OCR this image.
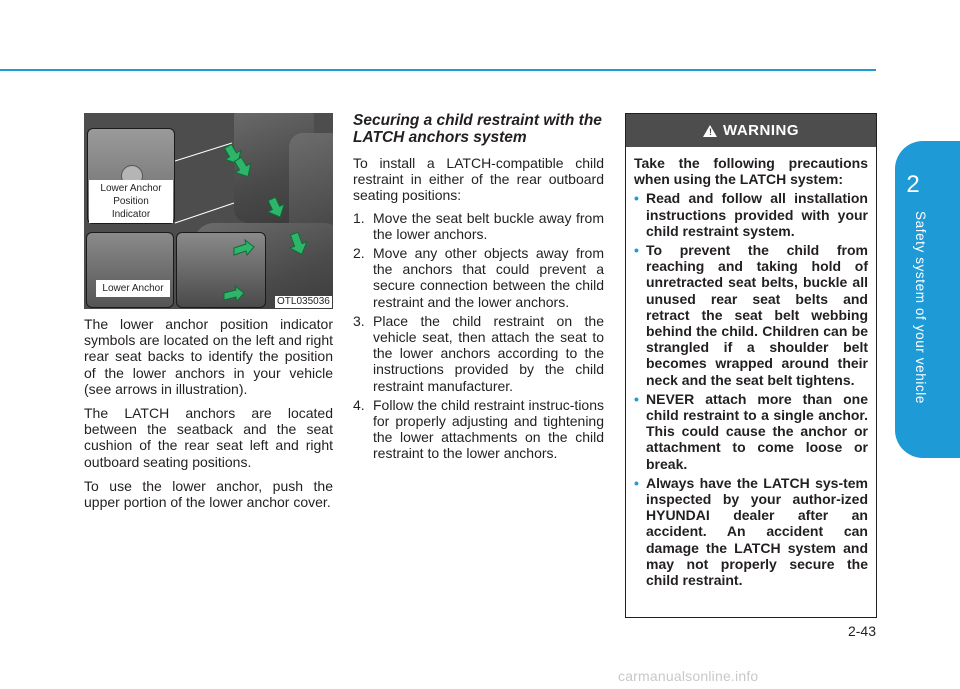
2
Safety system of your vehicle
Lower Anchor
Position Indicator
Lower Anchor
OTL035036

The lower anchor position indicator symbols are located on the left and right rear seat backs to identify the position of the lower anchors in your vehicle (see arrows in illustration).

The LATCH anchors are located between the seatback and the seat cushion of the rear seat left and right outboard seating positions.

To use the lower anchor, push the upper portion of the lower anchor cover.

Securing a child restraint with the LATCH anchors system

To install a LATCH-compatible child restraint in either of the rear outboard seating positions:

1. Move the seat belt buckle away from the lower anchors.
2. Move any other objects away from the anchors that could prevent a secure connection between the child restraint and the lower anchors.
3. Place the child restraint on the vehicle seat, then attach the seat to the lower anchors according to the instructions provided by the child restraint manufacturer.
4. Follow the child restraint instruc-tions for properly adjusting and tightening the lower attachments on the child restraint to the lower anchors.
! WARNING

Take the following precautions when using the LATCH system:

• Read and follow all installation instructions provided with your child restraint system.
• To prevent the child from reaching and taking hold of unretracted seat belts, buckle all unused rear seat belts and retract the seat belt webbing behind the child. Children can be strangled if a shoulder belt becomes wrapped around their neck and the seat belt tightens.
• NEVER attach more than one child restraint to a single anchor. This could cause the anchor or attachment to come loose or break.
• Always have the LATCH sys-tem inspected by your author-ized HYUNDAI dealer after an accident. An accident can damage the LATCH system and may not properly secure the child restraint.
2-43
carmanualsonline.info
